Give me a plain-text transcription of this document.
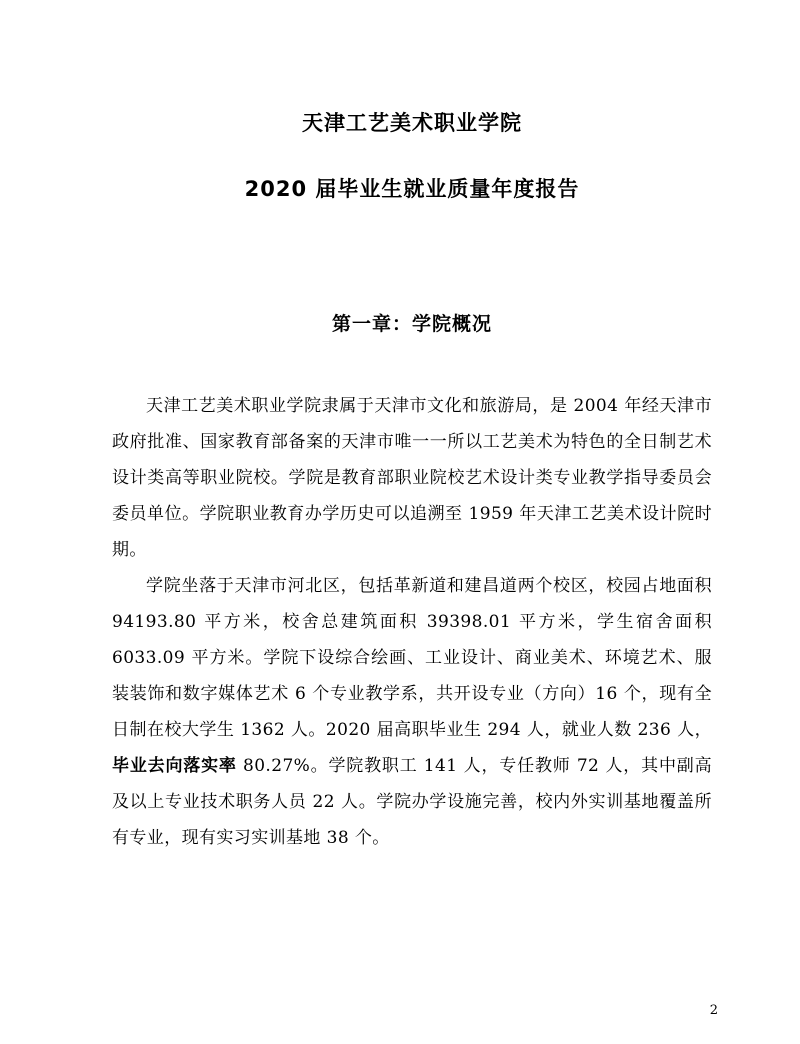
天津工艺美术职业学院
2020 届毕业生就业质量年度报告
第一章：学院概况

天津工艺美术职业学院隶属于天津市文化和旅游局，是 2004 年经天津市政府批准、国家教育部备案的天津市唯一一所以工艺美术为特色的全日制艺术设计类高等职业院校。学院是教育部职业院校艺术设计类专业教学指导委员会委员单位。学院职业教育办学历史可以追溯至 1959 年天津工艺美术设计院时期。

学院坐落于天津市河北区，包括革新道和建昌道两个校区，校园占地面积 94193.80 平方米，校舍总建筑面积 39398.01 平方米，学生宿舍面积 6033.09 平方米。学院下设综合绘画、工业设计、商业美术、环境艺术、服装装饰和数字媒体艺术 6 个专业教学系，共开设专业（方向）16 个，现有全日制在校大学生 1362 人。2020 届高职毕业生 294 人，就业人数 236 人，毕业去向落实率 80.27%。学院教职工 141 人，专任教师 72 人，其中副高及以上专业技术职务人员 22 人。学院办学设施完善，校内外实训基地覆盖所有专业，现有实习实训基地 38 个。

2
